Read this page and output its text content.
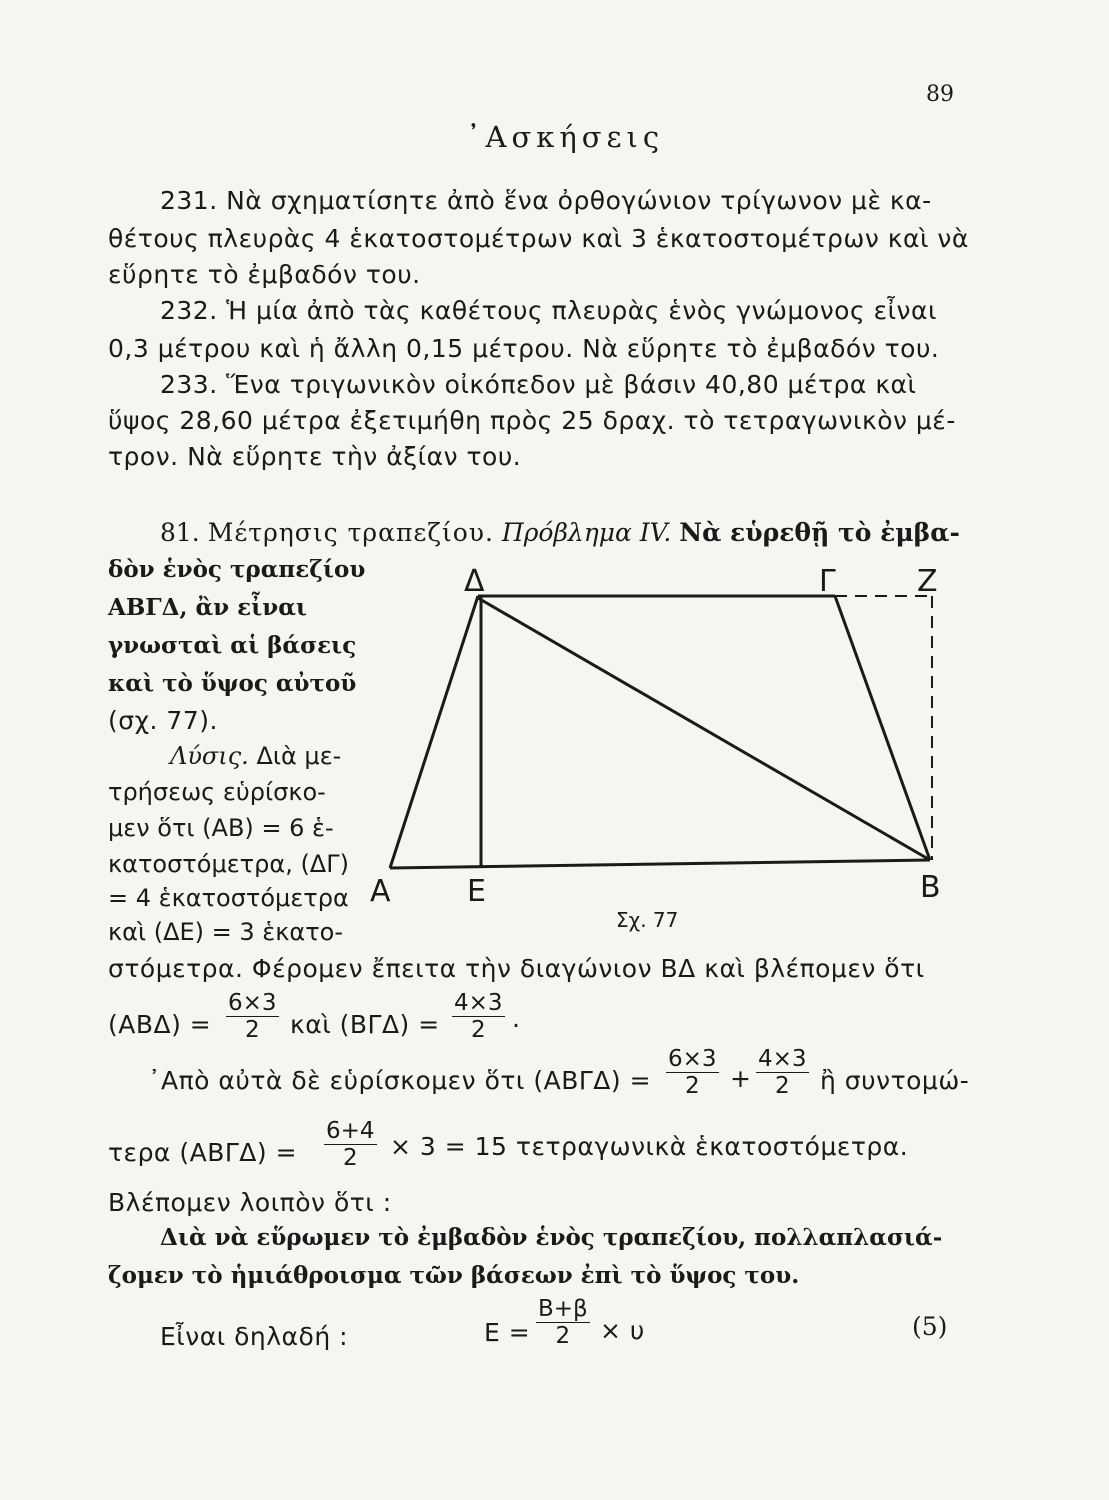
89
᾽Ασκήσεις
231. Νὰ σχηματίσητε ἀπὸ ἕνα ὀρθογώνιον τρίγωνον μὲ κα-
θέτους πλευρὰς 4 ἑκατοστομέτρων καὶ 3 ἑκατοστομέτρων καὶ νὰ
εὕρητε τὸ ἐμβαδόν του.
232. Ἡ μία ἀπὸ τὰς καθέτους πλευρὰς ἑνὸς γνώμονος εἶναι
0,3 μέτρου καὶ ἡ ἄλλη 0,15 μέτρου. Νὰ εὕρητε τὸ ἐμβαδόν του.
233. Ἕνα τριγωνικὸν οἰκόπεδον μὲ βάσιν 40,80 μέτρα καὶ
ὕψος 28,60 μέτρα ἐξετιμήθη πρὸς 25 δραχ. τὸ τετραγωνικὸν μέ-
τρον. Νὰ εὕρητε τὴν ἀξίαν του.
81. Μέτρησις τραπεζίου. Πρόβλημα IV. Νὰ εὑρεθῇ τὸ ἐμβα-
δὸν ἑνὸς τραπεζίου
ΑΒΓΔ, ἂν εἶναι
γνωσταὶ αἱ βάσεις
καὶ τὸ ὕψος αὐτοῦ
(σχ. 77).
Λύσις. Διὰ με-
τρήσεως εὑρίσκο-
μεν ὅτι (ΑΒ) = 6 ἑ-
κατοστόμετρα, (ΔΓ)
= 4 ἑκατοστόμετρα
καὶ (ΔΕ) = 3 ἑκατο-
Δ	Γ	Ζ
Α	Ε	Β
Σχ. 77
στόμετρα. Φέρομεν ἔπειτα τὴν διαγώνιον ΒΔ καὶ βλέπομεν ὅτι
$(AB\Delta) = \frac{6\times 3}{2}$ καὶ $(B\Gamma\Delta) = \frac{4\times 3}{2}$ .
᾽Απὸ αὐτὰ δὲ εὑρίσκομεν ὅτι $(AB\Gamma\Delta) = \frac{6\times 3}{2} + \frac{4\times 3}{2}$ ἢ συντομώ-
τερα $(AB\Gamma\Delta) = \frac{6+4}{2} \times 3 = 15$ τετραγωνικὰ ἑκατοστόμετρα.
Βλέπομεν λοιπὸν ὅτι :
Διὰ νὰ εὕρωμεν τὸ ἐμβαδὸν ἑνὸς τραπεζίου, πολλαπλασιά-
ζομεν τὸ ἡμιάθροισμα τῶν βάσεων ἐπὶ τὸ ὕψος του.
Εἶναι δηλαδή :	$E = \frac{B+\beta}{2} \times \upsilon$	(5)
